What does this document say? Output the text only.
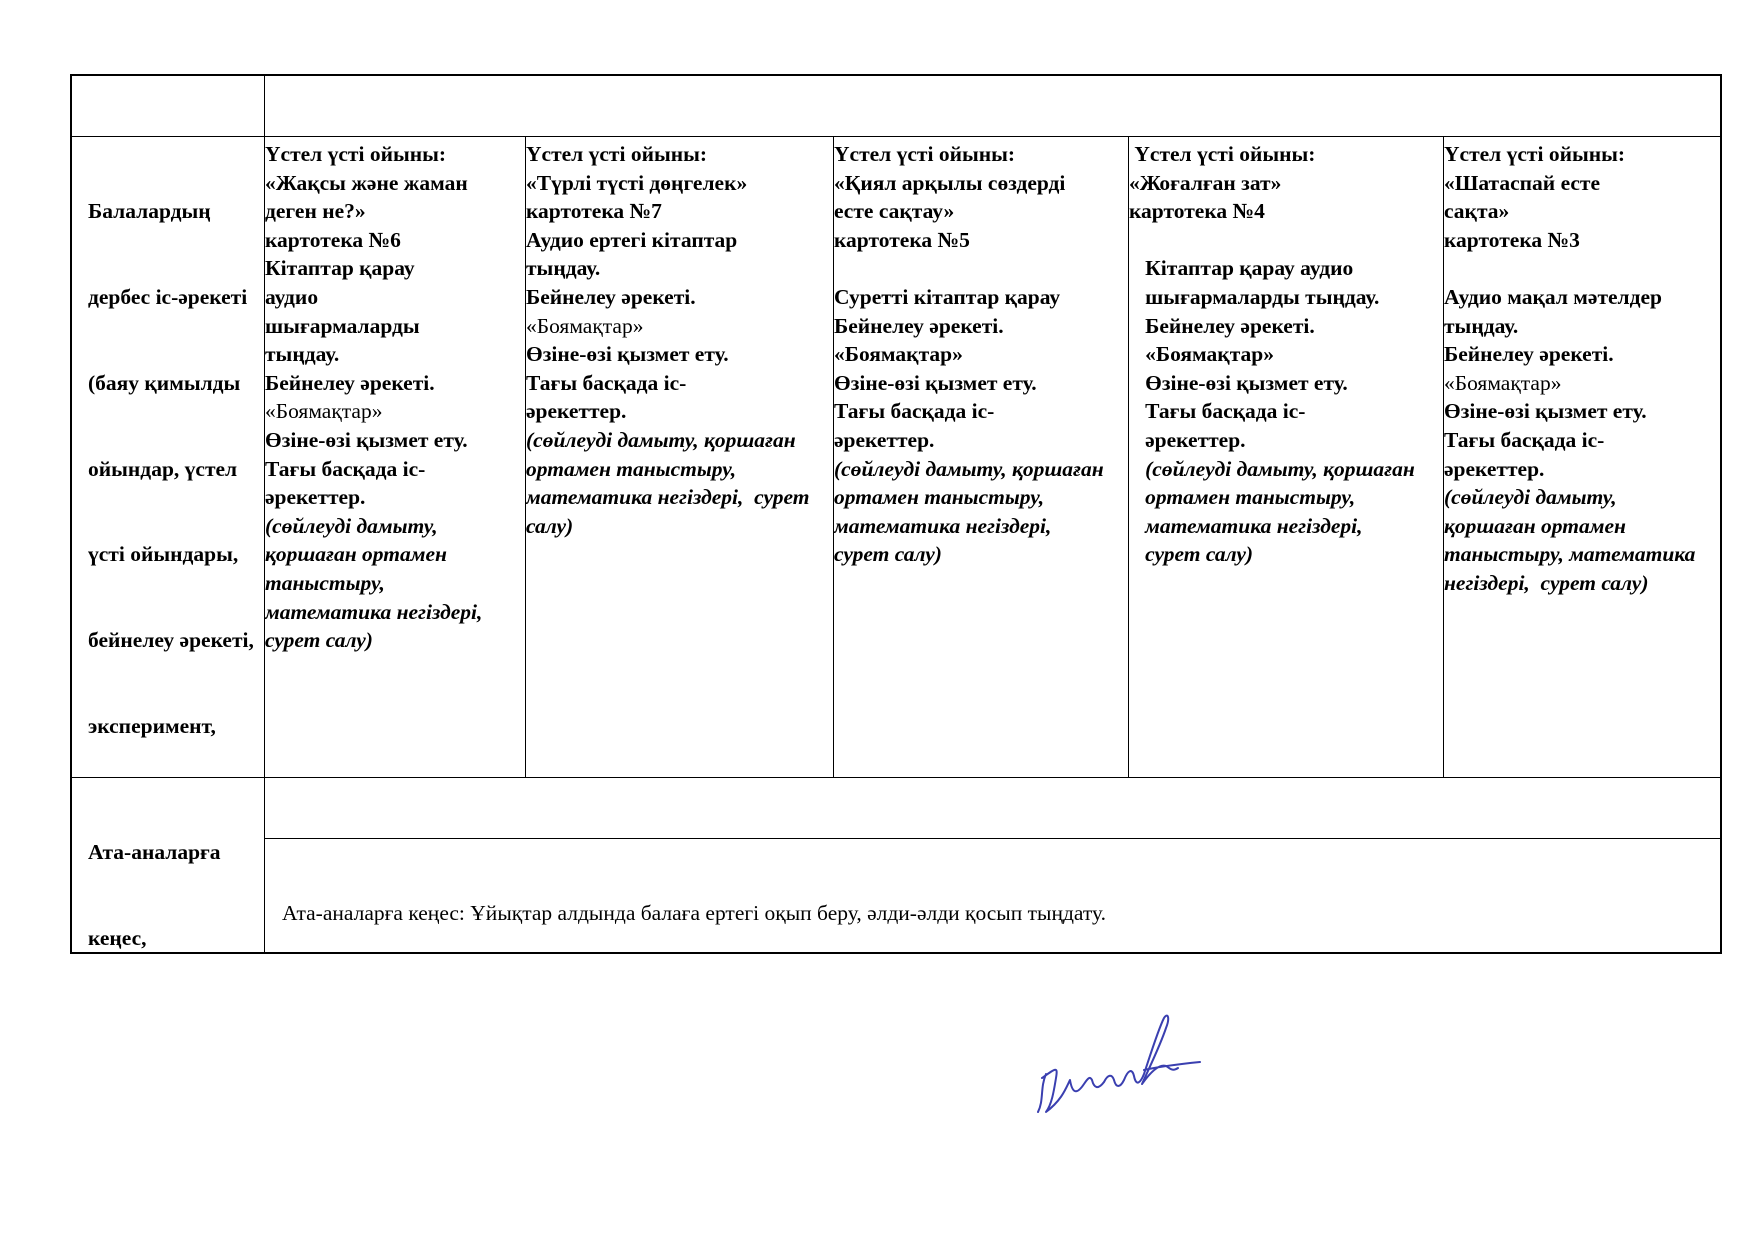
Балалардың

дербес іс-әрекеті

(баяу қимылды

ойындар, үстел

үсті ойындары,

бейнелеу әрекеті,

эксперимент,

Үстел үсті ойыны:
«Жақсы және жаман
деген не?»
картотека №6
Кітаптар қарау
аудио
шығармаларды
тыңдау.
Бейнелеу әрекеті.
«Боямақтар»
Өзіне-өзі қызмет ету.
Тағы басқада іс-
әрекеттер.
(сөйлеуді дамыту,
қоршаған ортамен
таныстыру,
математика негіздері,
сурет салу)
Үстел үсті ойыны:
«Түрлі түсті дөңгелек»
картотека №7
Аудио ертегі кітаптар
тыңдау.
Бейнелеу әрекеті.
«Боямақтар»
Өзіне-өзі қызмет ету.
Тағы басқада іс-
әрекеттер.
(сөйлеуді дамыту, қоршаған
ортамен таныстыру,
математика негіздері,  сурет
салу)
Үстел үсті ойыны:
«Қиял арқылы сөздерді
есте сақтау»
картотека №5
Суретті кітаптар қарау
Бейнелеу әрекеті.
«Боямақтар»
Өзіне-өзі қызмет ету.
Тағы басқада іс-
әрекеттер.
(сөйлеуді дамыту, қоршаған
ортамен таныстыру,
математика негіздері,
сурет салу)
Үстел үсті ойыны:
«Жоғалған зат»
картотека №4
Кітаптар қарау аудио
шығармаларды тыңдау.
Бейнелеу әрекеті.
«Боямақтар»
Өзіне-өзі қызмет ету.
Тағы басқада іс-
әрекеттер.
(сөйлеуді дамыту, қоршаған
ортамен таныстыру,
математика негіздері,
сурет салу)
Үстел үсті ойыны:
«Шатаспай есте
сақта»
картотека №3
Аудио мақал мәтелдер
тыңдау.
Бейнелеу әрекеті.
«Боямақтар»
Өзіне-өзі қызмет ету.
Тағы басқада іс-
әрекеттер.
(сөйлеуді дамыту,
қоршаған ортамен
таныстыру, математика
негіздері,  сурет салу)

Ата-аналарға

кеңес,

Ата-аналарға кеңес: Ұйықтар алдында балаға ертегі оқып беру, әлди-әлди қосып тыңдату.
